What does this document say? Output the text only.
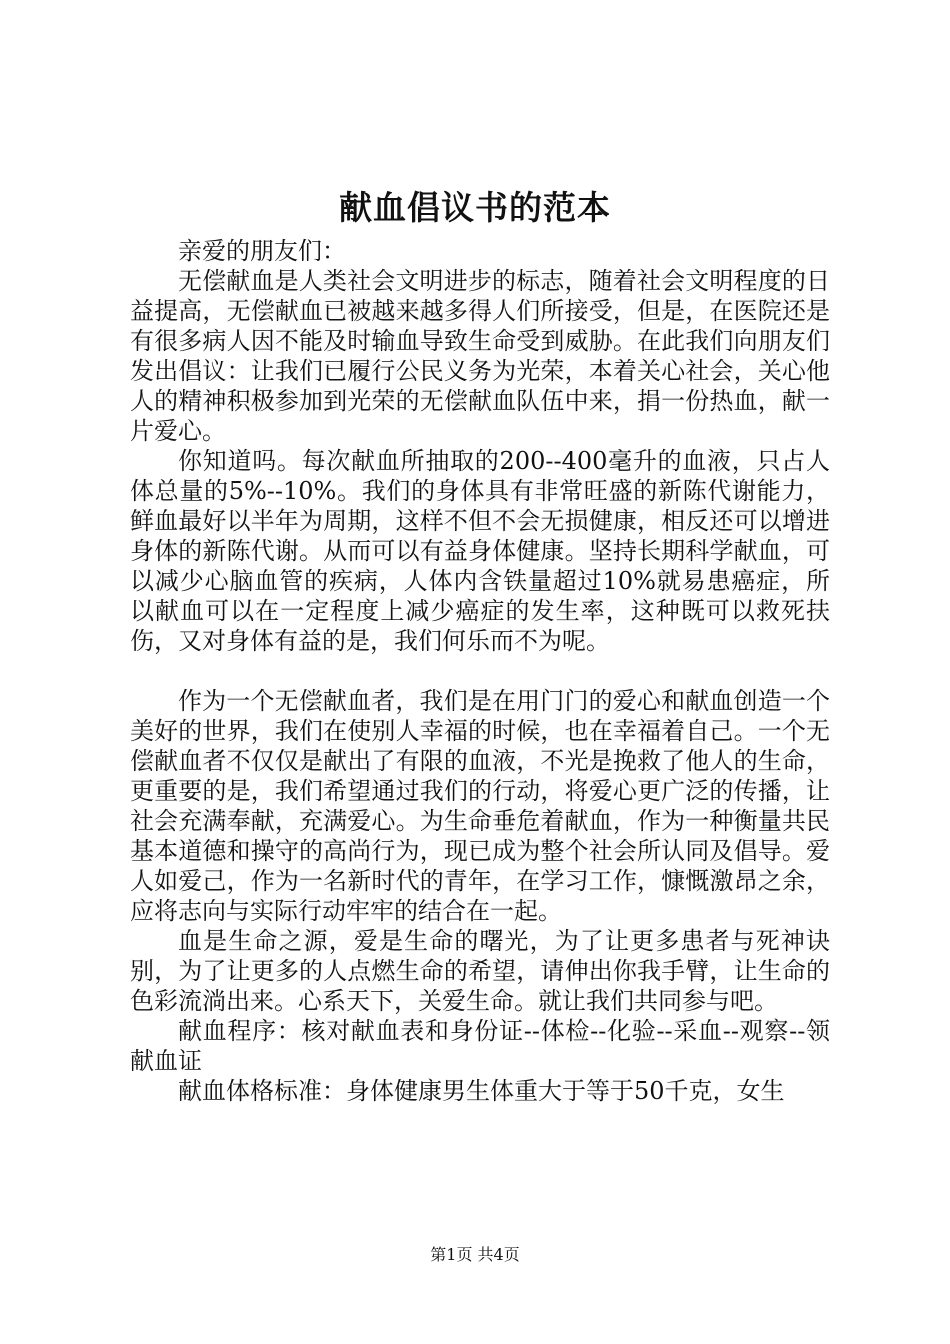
献血倡议书的范本

亲爱的朋友们：

无偿献血是人类社会文明进步的标志，随着社会文明程度的日益提高，无偿献血已被越来越多得人们所接受，但是，在医院还是有很多病人因不能及时输血导致生命受到威胁。在此我们向朋友们发出倡议：让我们已履行公民义务为光荣，本着关心社会，关心他人的精神积极参加到光荣的无偿献血队伍中来，捐一份热血，献一片爱心。

你知道吗。每次献血所抽取的200--400毫升的血液，只占人体总量的5%--10%。我们的身体具有非常旺盛的新陈代谢能力，鲜血最好以半年为周期，这样不但不会无损健康，相反还可以增进身体的新陈代谢。从而可以有益身体健康。坚持长期科学献血，可以减少心脑血管的疾病，人体内含铁量超过10%就易患癌症，所以献血可以在一定程度上减少癌症的发生率，这种既可以救死扶伤，又对身体有益的是，我们何乐而不为呢。

作为一个无偿献血者，我们是在用门门的爱心和献血创造一个美好的世界，我们在使别人幸福的时候，也在幸福着自己。一个无偿献血者不仅仅是献出了有限的血液，不光是挽救了他人的生命，更重要的是，我们希望通过我们的行动，将爱心更广泛的传播，让社会充满奉献，充满爱心。为生命垂危着献血，作为一种衡量共民基本道德和操守的高尚行为，现已成为整个社会所认同及倡导。爱人如爱己，作为一名新时代的青年，在学习工作，慷慨激昂之余，应将志向与实际行动牢牢的结合在一起。

血是生命之源，爱是生命的曙光，为了让更多患者与死神诀别，为了让更多的人点燃生命的希望，请伸出你我手臂，让生命的色彩流淌出来。心系天下，关爱生命。就让我们共同参与吧。

献血程序：核对献血表和身份证--体检--化验--采血--观察--领献血证

献血体格标准：身体健康男生体重大于等于50千克，女生

第1页 共4页
